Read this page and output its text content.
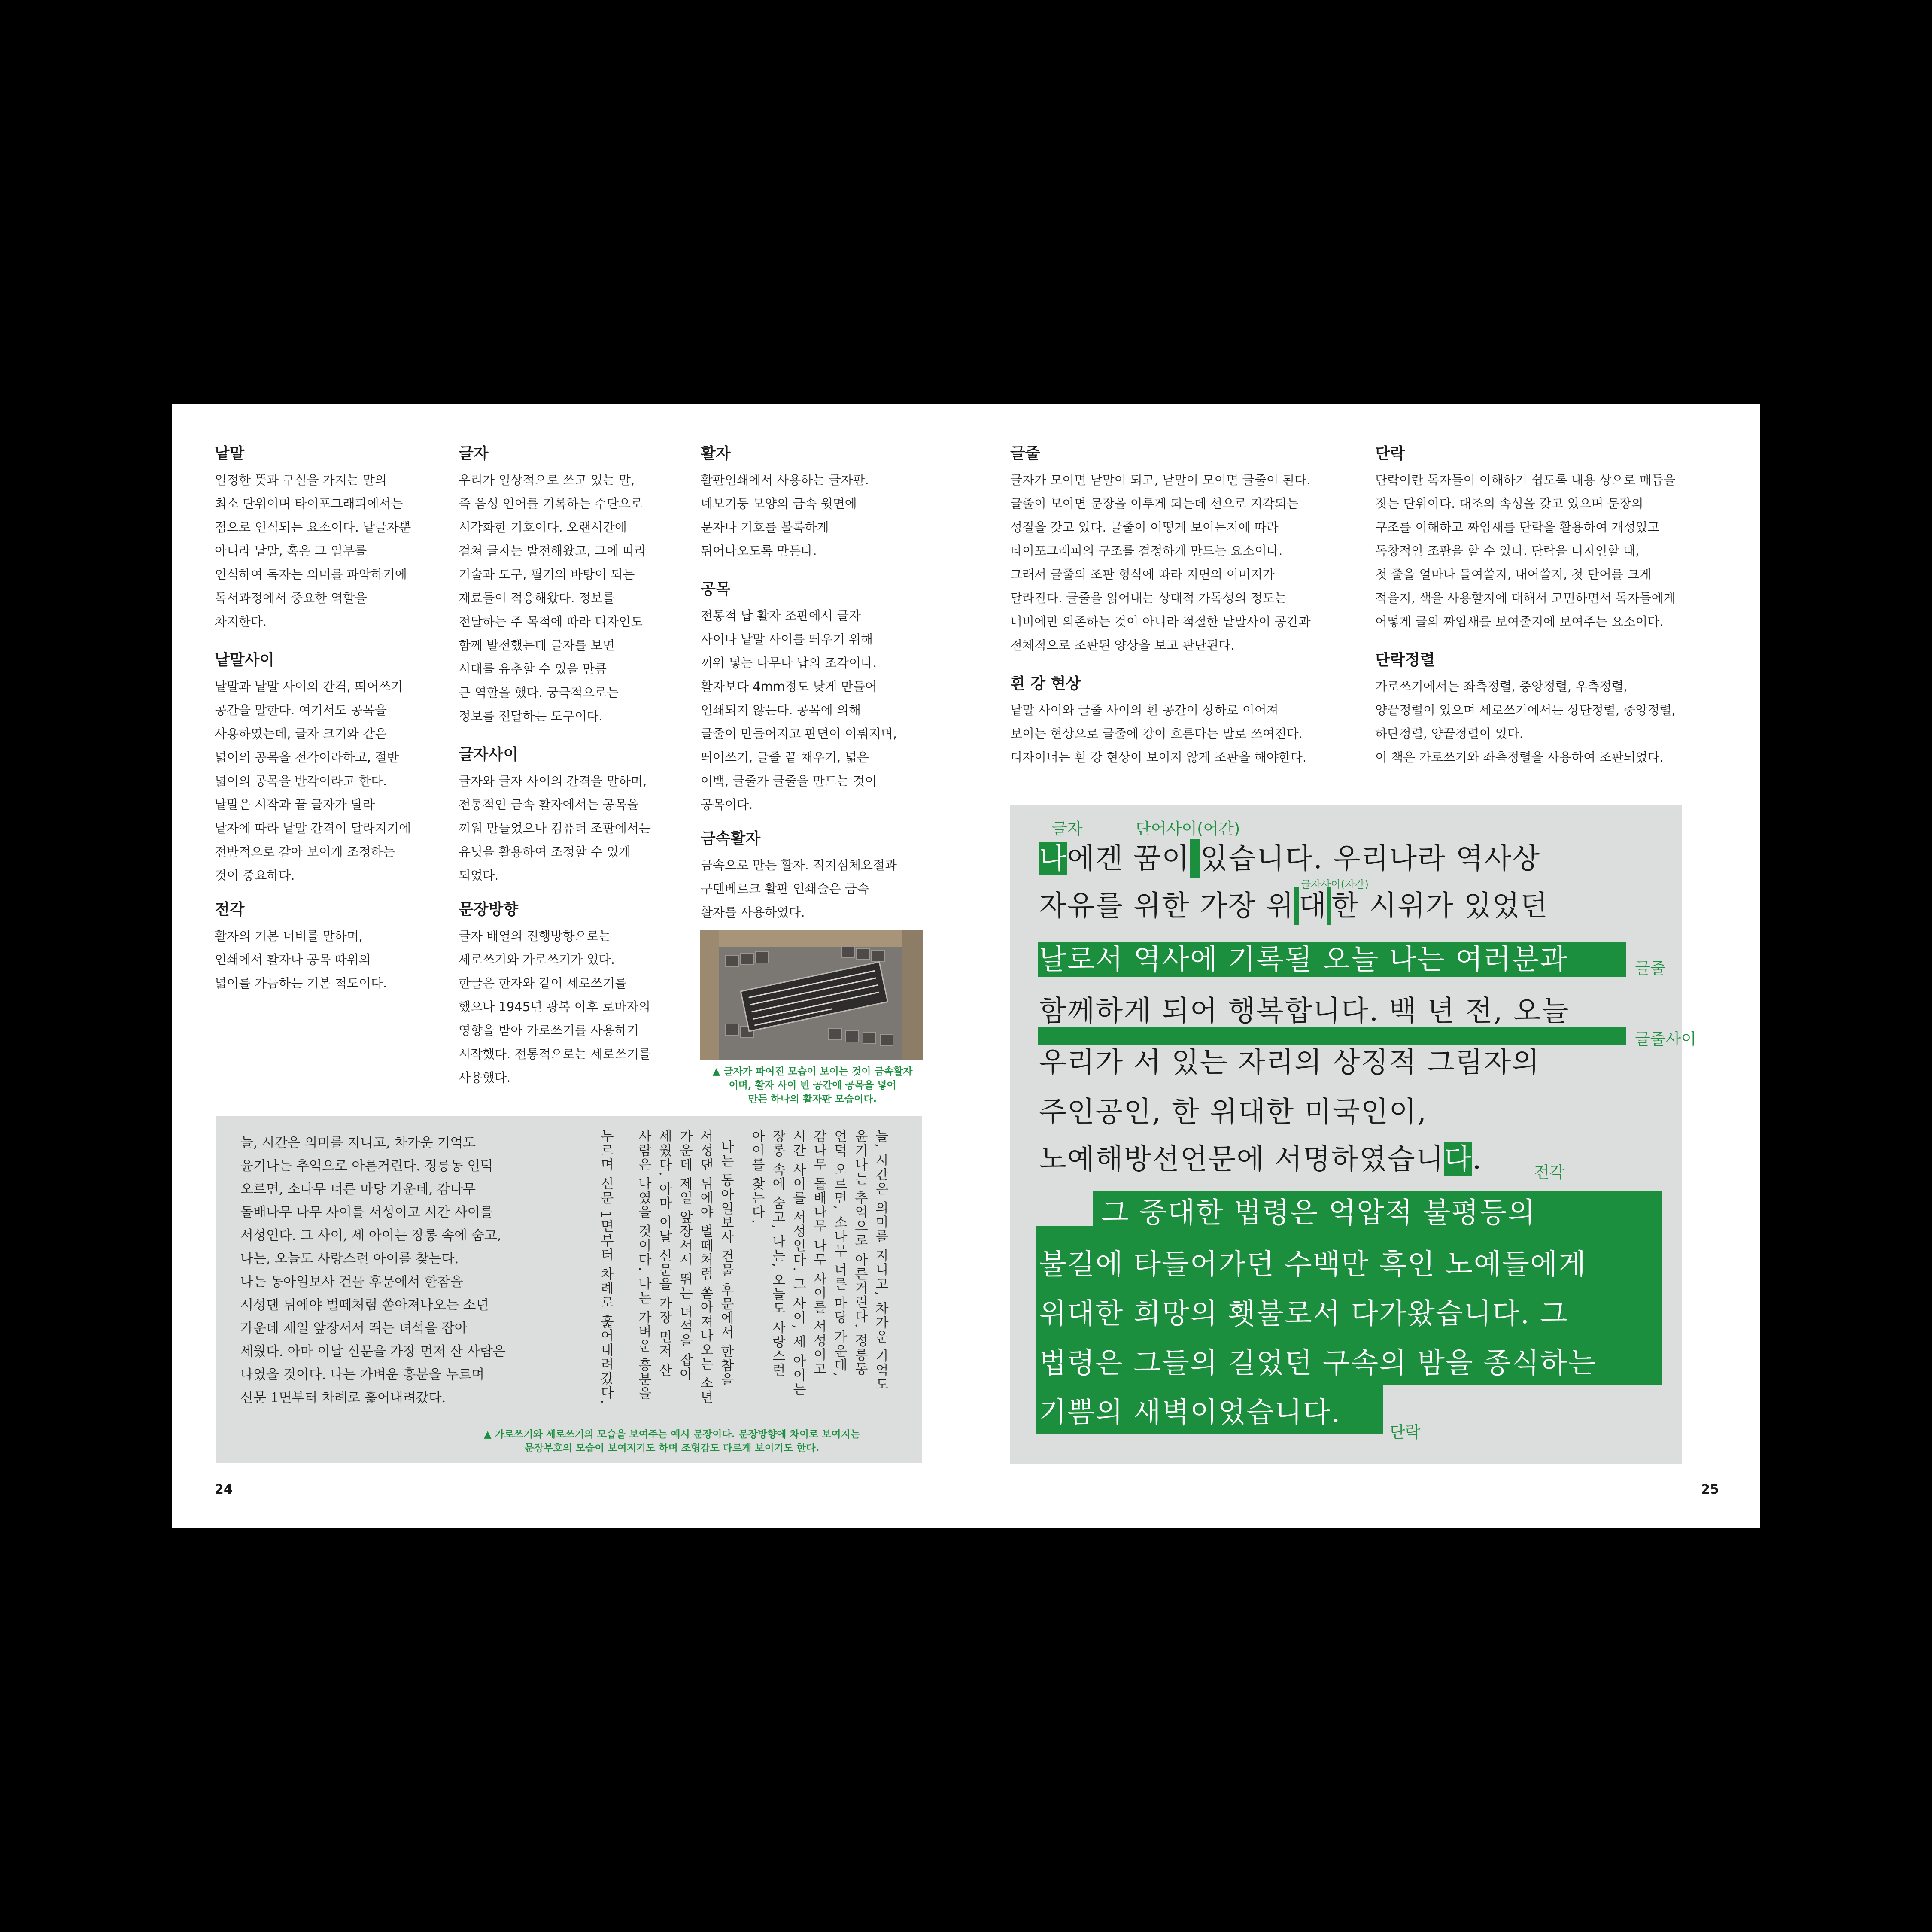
낱말

일정한 뜻과 구실을 가지는 말의
최소 단위이며 타이포그래피에서는
점으로 인식되는 요소이다. 낱글자뿐
아니라 낱말, 혹은 그 일부를
인식하여 독자는 의미를 파악하기에
독서과정에서 중요한 역할을
차지한다.

낱말사이

낱말과 낱말 사이의 간격, 띄어쓰기
공간을 말한다. 여기서도 공목을
사용하였는데, 글자 크기와 같은
넓이의 공목을 전각이라하고, 절반
넓이의 공목을 반각이라고 한다.
낱말은 시작과 끝 글자가 달라
낱자에 따라 낱말 간격이 달라지기에
전반적으로 같아 보이게 조정하는
것이 중요하다.

전각

활자의 기본 너비를 말하며,
인쇄에서 활자나 공목 따위의
넓이를 가늠하는 기본 척도이다.

글자

우리가 일상적으로 쓰고 있는 말,
즉 음성 언어를 기록하는 수단으로
시각화한 기호이다. 오랜시간에
걸쳐 글자는 발전해왔고, 그에 따라
기술과 도구, 필기의 바탕이 되는
재료들이 적응해왔다. 정보를
전달하는 주 목적에 따라 디자인도
함께 발전했는데 글자를 보면
시대를 유추할 수 있을 만큼
큰 역할을 했다. 궁극적으로는
정보를 전달하는 도구이다.

글자사이

글자와 글자 사이의 간격을 말하며,
전통적인 금속 활자에서는 공목을
끼워 만들었으나 컴퓨터 조판에서는
유닛을 활용하여 조정할 수 있게
되었다.

문장방향

글자 배열의 진행방향으로는
세로쓰기와 가로쓰기가 있다.
한글은 한자와 같이 세로쓰기를
했으나 1945년 광복 이후 로마자의
영향을 받아 가로쓰기를 사용하기
시작했다. 전통적으로는 세로쓰기를
사용했다.

활자

활판인쇄에서 사용하는 글자판.
네모기둥 모양의 금속 윗면에
문자나 기호를 볼록하게
뒤어나오도록 만든다.

공목

전통적 납 활자 조판에서 글자
사이나 낱말 사이를 띄우기 위해
끼워 넣는 나무나 납의 조각이다.
활자보다 4mm정도 낮게 만들어
인쇄되지 않는다. 공목에 의해
글줄이 만들어지고 판면이 이뤄지며,
띄어쓰기, 글줄 끝 채우기, 넓은
여백, 글줄가 글줄을 만드는 것이
공목이다.

금속활자

금속으로 만든 활자. 직지심체요절과
구텐베르크 활판 인쇄술은 금속
활자를 사용하였다.

▲ 글자가 파여진 모습이 보이는 것이 금속활자
이며, 활자 사이 빈 공간에 공목을 넣어
만든 하나의 활자판 모습이다.
늘, 시간은 의미를 지니고, 차가운 기억도
윤기나는 추억으로 아른거린다. 정릉동 언덕
오르면, 소나무 너른 마당 가운데, 감나무
돌배나무 나무 사이를 서성이고 시간 사이를
서성인다. 그 사이, 세 아이는 장롱 속에 숨고,
나는, 오늘도 사랑스런 아이를 찾는다.
나는 동아일보사 건물 후문에서 한참을
서성댄 뒤에야 벌떼처럼 쏟아져나오는 소년
가운데 제일 앞장서서 뛰는 녀석을 잡아
세웠다. 아마 이날 신문을 가장 먼저 산 사람은
나였을 것이다. 나는 가벼운 흥분을 누르며
신문 1면부터 차례로 훑어내려갔다.
늘, 시간은 의미를 지니고, 차가운 기억도
윤기나는 추억으로 아른거린다. 정릉동
언덕 오르면, 소나무 너른 마당 가운데,
감나무 돌배나무 나무 사이를 서성이고
시간 사이를 서성인다. 그 사이, 세 아이는
장롱 속에 숨고, 나는, 오늘도 사랑스런
아이를 찾는다.
나는 동아일보사 건물 후문에서 한참을
서성댄 뒤에야 벌떼처럼 쏟아져나오는 소년
가운데 제일 앞장서서 뛰는 녀석을 잡아
세웠다. 아마 이날 신문을 가장 먼저 산
사람은 나였을 것이다. 나는 가벼운 흥분을
누르며 신문 1면부터 차례로 훑어내려갔다.
▲ 가로쓰기와 세로쓰기의 모습을 보여주는 예시 문장이다. 문장방향에 차이로 보여지는
문장부호의 모습이 보여지기도 하며 조형감도 다르게 보이기도 한다.
24
글줄

글자가 모이면 낱말이 되고, 낱말이 모이면 글줄이 된다.
글줄이 모이면 문장을 이루게 되는데 선으로 지각되는
성질을 갖고 있다. 글줄이 어떻게 보이는지에 따라
타이포그래피의 구조를 결정하게 만드는 요소이다.
그래서 글줄의 조판 형식에 따라 지면의 이미지가
달라진다. 글줄을 읽어내는 상대적 가독성의 정도는
너비에만 의존하는 것이 아니라 적절한 낱말사이 공간과
전체적으로 조판된 양상을 보고 판단된다.

흰 강 현상

낱말 사이와 글줄 사이의 흰 공간이 상하로 이어져
보이는 현상으로 글줄에 강이 흐른다는 말로 쓰여진다.
디자이너는 흰 강 현상이 보이지 않게 조판을 해야한다.

단락

단락이란 독자들이 이해하기 쉽도록 내용 상으로 매듭을
짓는 단위이다. 대조의 속성을 갖고 있으며 문장의
구조를 이해하고 짜임새를 단락을 활용하여 개성있고
독창적인 조판을 할 수 있다. 단락을 디자인할 때,
첫 줄을 얼마나 들여쓸지, 내어쓸지, 첫 단어를 크게
적을지, 색을 사용할지에 대해서 고민하면서 독자들에게
어떻게 글의 짜임새를 보여줄지에 보여주는 요소이다.

단락정렬

가로쓰기에서는 좌측정렬, 중앙정렬, 우측정렬,
양끝정렬이 있으며 세로쓰기에서는 상단정렬, 중앙정렬,
하단정렬, 양끝정렬이 있다.
이 책은 가로쓰기와 좌측정렬을 사용하여 조판되었다.

나에겐 꿈이 있습니다. 우리나라 역사상
자유를 위한 가장 위 대 한 시위가 있었던
날로서 역사에 기록될 오늘 나는 여러분과
함께하게 되어 행복합니다. 백 년 전, 오늘
우리가 서 있는 자리의 상징적 그림자의
주인공인, 한 위대한 미국인이,
노예해방선언문에 서명하였습니다.
그 중대한 법령은 억압적 불평등의
불길에 타들어가던 수백만 흑인 노예들에게
위대한 희망의 횃불로서 다가왔습니다. 그
법령은 그들의 길었던 구속의 밤을 종식하는
기쁨의 새벽이었습니다.
글자	단어사이(어간)
글자사이(자간)
글줄
글줄사이
전각
단락
25
